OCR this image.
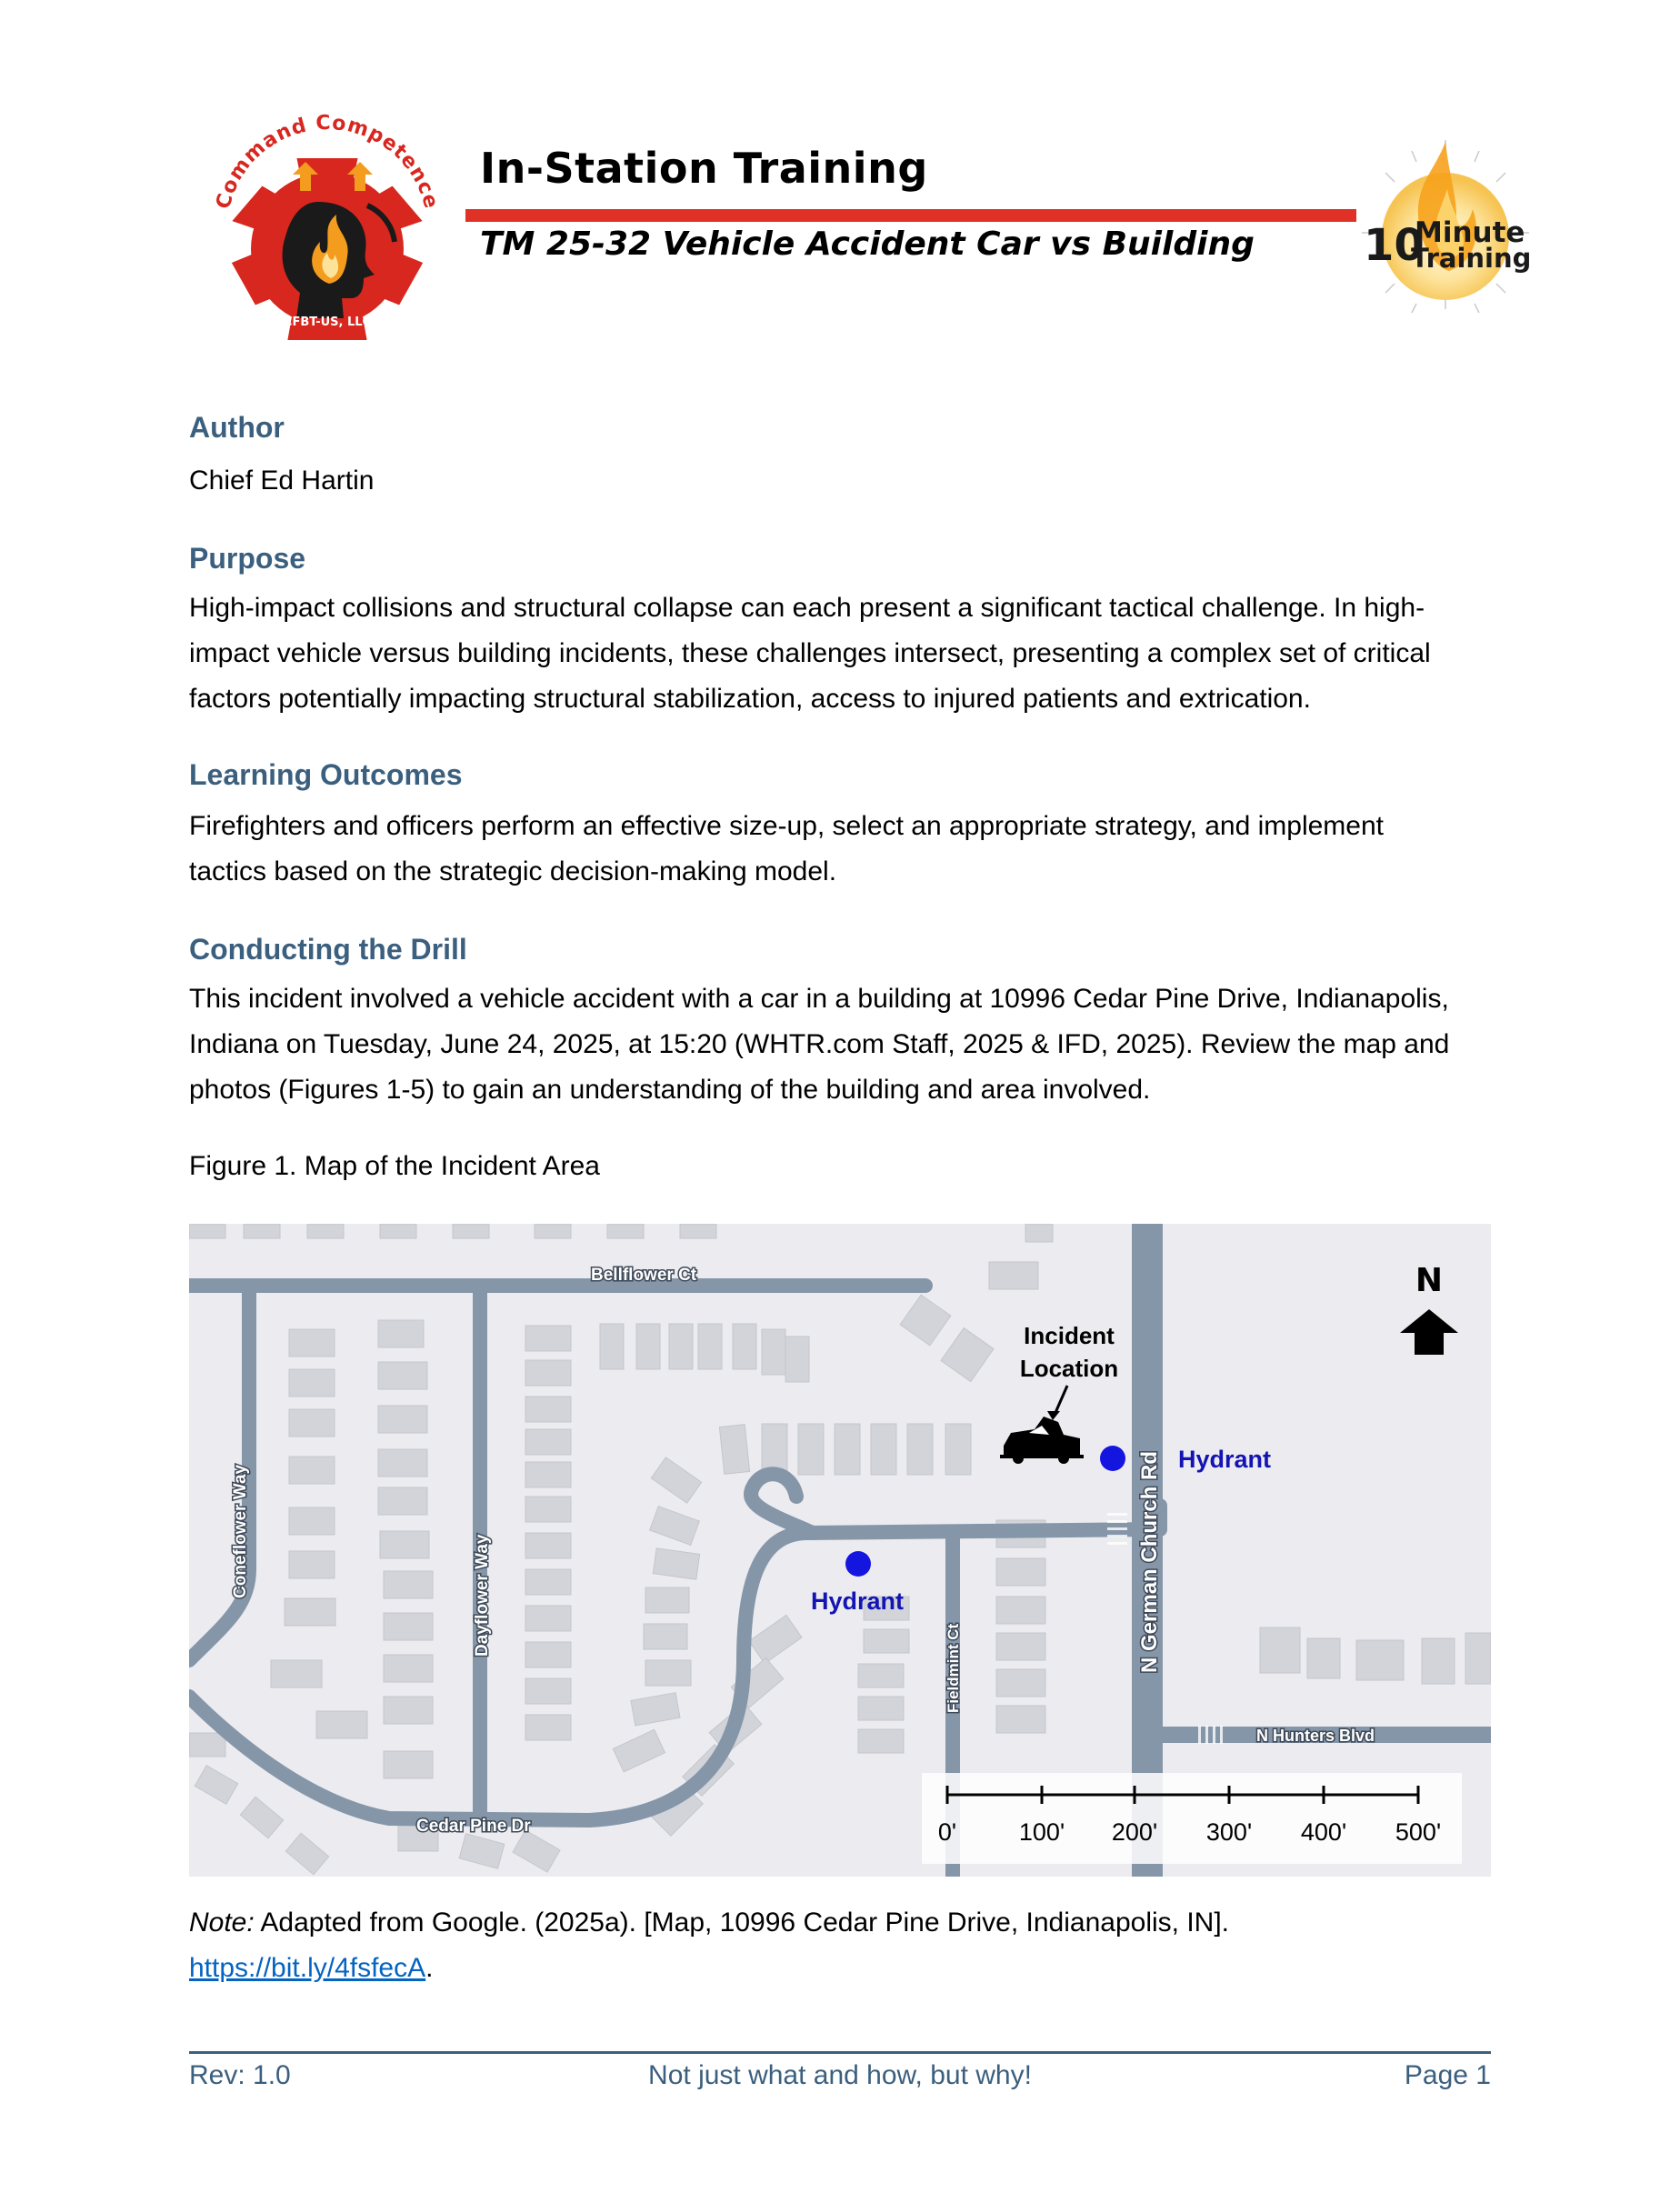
Command Competence
CFBT-US, LLC
In-Station Training
TM 25-32 Vehicle Accident Car vs Building	10
Minute
Training
Author

Chief Ed Hartin

Purpose

High-impact collisions and structural collapse can each present a significant tactical challenge. In high-

impact vehicle versus building incidents, these challenges intersect, presenting a complex set of critical

factors potentially impacting structural stabilization, access to injured patients and extrication.

Learning Outcomes

Firefighters and officers perform an effective size-up, select an appropriate strategy, and implement

tactics based on the strategic decision-making model.

Conducting the Drill

This incident involved a vehicle accident with a car in a building at 10996 Cedar Pine Drive, Indianapolis,

Indiana on Tuesday, June 24, 2025, at 15:20 (WHTR.com Staff, 2025 & IFD, 2025). Review the map and

photos (Figures 1-5) to gain an understanding of the building and area involved.

Figure 1. Map of the Incident Area

Bellflower Ct
Coneflower Way	Dayflower Way
Cedar Pine Dr
Fieldmint Ct
N Hunters Blvd
N German Church Rd
N
Incident
Location
Hydrant
Hydrant
0'	100' 200' 300' 400' 500'

Note: Adapted from Google. (2025a). [Map, 10996 Cedar Pine Drive, Indianapolis, IN].

https://bit.ly/4fsfecA.

Rev: 1.0	Not just what and how, but why!	Page 1
